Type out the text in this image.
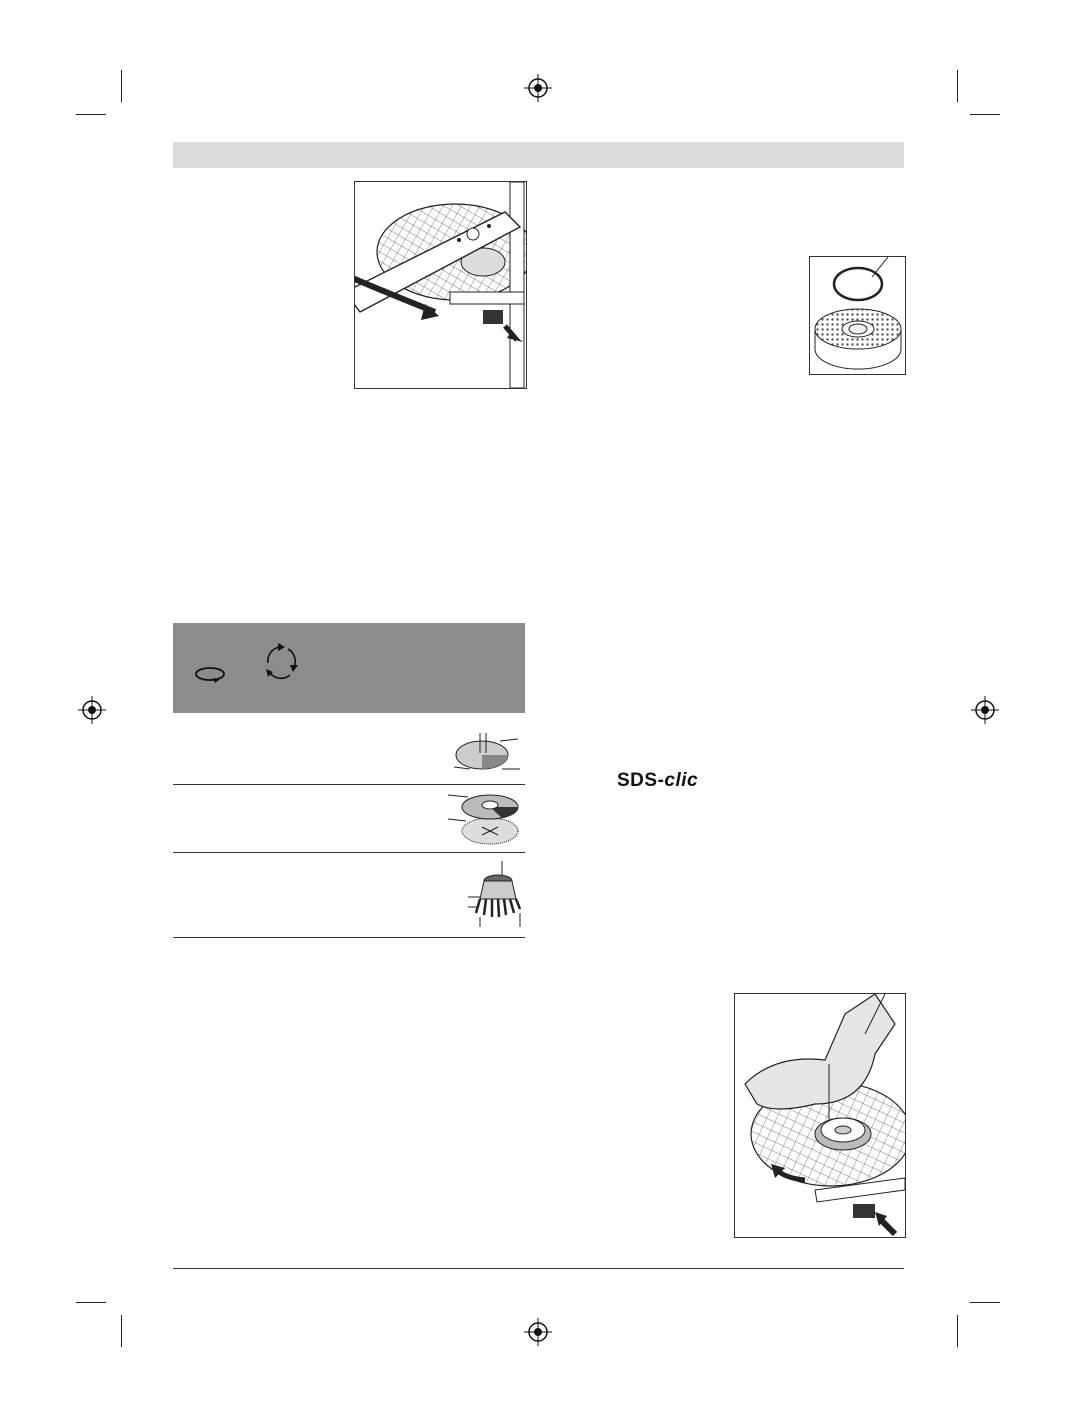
SDS-clic
